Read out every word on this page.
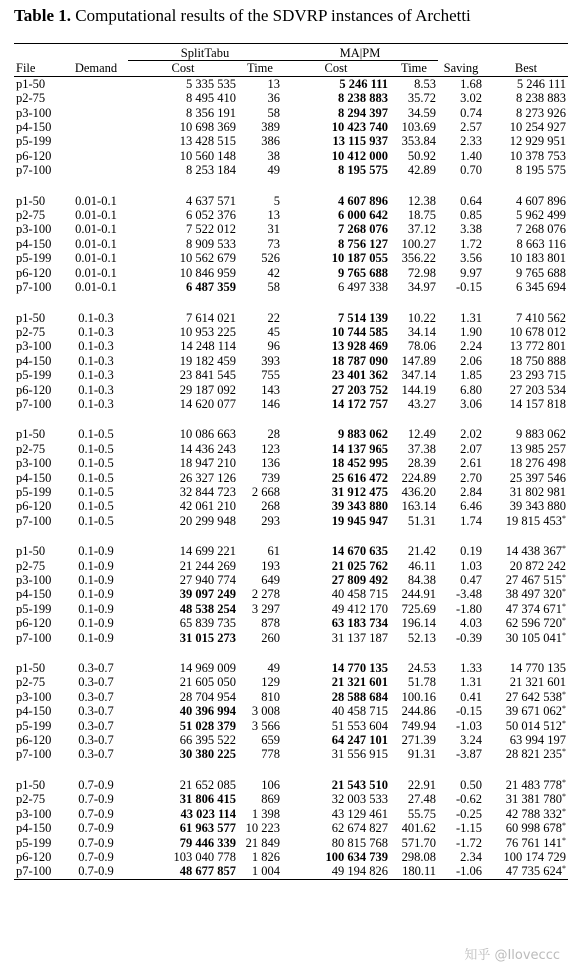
Table 1. Computational results of the SDVRP instances of Archetti

		SplitTabu		MA|PM			
File	Demand	Cost	Time	Cost	Time	Saving	Best
p1-50		5 335 535	13	5 246 111	8.53	1.68	5 246 111
p2-75		8 495 410	36	8 238 883	35.72	3.02	8 238 883
p3-100		8 356 191	58	8 294 397	34.59	0.74	8 273 926
p4-150		10 698 369	389	10 423 740	103.69	2.57	10 254 927
p5-199		13 428 515	386	13 115 937	353.84	2.33	12 929 951
p6-120		10 560 148	38	10 412 000	50.92	1.40	10 378 753
p7-100		8 253 184	49	8 195 575	42.89	0.70	8 195 575

p1-50	0.01-0.1	4 637 571	5	4 607 896	12.38	0.64	4 607 896
p2-75	0.01-0.1	6 052 376	13	6 000 642	18.75	0.85	5 962 499
p3-100	0.01-0.1	7 522 012	31	7 268 076	37.12	3.38	7 268 076
p4-150	0.01-0.1	8 909 533	73	8 756 127	100.27	1.72	8 663 116
p5-199	0.01-0.1	10 562 679	526	10 187 055	356.22	3.56	10 183 801
p6-120	0.01-0.1	10 846 959	42	9 765 688	72.98	9.97	9 765 688
p7-100	0.01-0.1	6 487 359	58	6 497 338	34.97	-0.15	6 345 694

p1-50	0.1-0.3	7 614 021	22	7 514 139	10.22	1.31	7 410 562
p2-75	0.1-0.3	10 953 225	45	10 744 585	34.14	1.90	10 678 012
p3-100	0.1-0.3	14 248 114	96	13 928 469	78.06	2.24	13 772 801
p4-150	0.1-0.3	19 182 459	393	18 787 090	147.89	2.06	18 750 888
p5-199	0.1-0.3	23 841 545	755	23 401 362	347.14	1.85	23 293 715
p6-120	0.1-0.3	29 187 092	143	27 203 752	144.19	6.80	27 203 534
p7-100	0.1-0.3	14 620 077	146	14 172 757	43.27	3.06	14 157 818

p1-50	0.1-0.5	10 086 663	28	9 883 062	12.49	2.02	9 883 062
p2-75	0.1-0.5	14 436 243	123	14 137 965	37.38	2.07	13 985 257
p3-100	0.1-0.5	18 947 210	136	18 452 995	28.39	2.61	18 276 498
p4-150	0.1-0.5	26 327 126	739	25 616 472	224.89	2.70	25 397 546
p5-199	0.1-0.5	32 844 723	2 668	31 912 475	436.20	2.84	31 802 981
p6-120	0.1-0.5	42 061 210	268	39 343 880	163.14	6.46	39 343 880
p7-100	0.1-0.5	20 299 948	293	19 945 947	51.31	1.74	19 815 453*

p1-50	0.1-0.9	14 699 221	61	14 670 635	21.42	0.19	14 438 367*
p2-75	0.1-0.9	21 244 269	193	21 025 762	46.11	1.03	20 872 242
p3-100	0.1-0.9	27 940 774	649	27 809 492	84.38	0.47	27 467 515*
p4-150	0.1-0.9	39 097 249	2 278	40 458 715	244.91	-3.48	38 497 320*
p5-199	0.1-0.9	48 538 254	3 297	49 412 170	725.69	-1.80	47 374 671*
p6-120	0.1-0.9	65 839 735	878	63 183 734	196.14	4.03	62 596 720*
p7-100	0.1-0.9	31 015 273	260	31 137 187	52.13	-0.39	30 105 041*

p1-50	0.3-0.7	14 969 009	49	14 770 135	24.53	1.33	14 770 135
p2-75	0.3-0.7	21 605 050	129	21 321 601	51.78	1.31	21 321 601
p3-100	0.3-0.7	28 704 954	810	28 588 684	100.16	0.41	27 642 538*
p4-150	0.3-0.7	40 396 994	3 008	40 458 715	244.86	-0.15	39 671 062*
p5-199	0.3-0.7	51 028 379	3 566	51 553 604	749.94	-1.03	50 014 512*
p6-120	0.3-0.7	66 395 522	659	64 247 101	271.39	3.24	63 994 197
p7-100	0.3-0.7	30 380 225	778	31 556 915	91.31	-3.87	28 821 235*

p1-50	0.7-0.9	21 652 085	106	21 543 510	22.91	0.50	21 483 778*
p2-75	0.7-0.9	31 806 415	869	32 003 533	27.48	-0.62	31 381 780*
p3-100	0.7-0.9	43 023 114	1 398	43 129 461	55.75	-0.25	42 788 332*
p4-150	0.7-0.9	61 963 577	10 223	62 674 827	401.62	-1.15	60 998 678*
p5-199	0.7-0.9	79 446 339	21 849	80 815 768	571.70	-1.72	76 761 141*
p6-120	0.7-0.9	103 040 778	1 826	100 634 739	298.08	2.34	100 174 729
p7-100	0.7-0.9	48 677 857	1 004	49 194 826	180.11	-1.06	47 735 624*
知乎 @Iloveccc
